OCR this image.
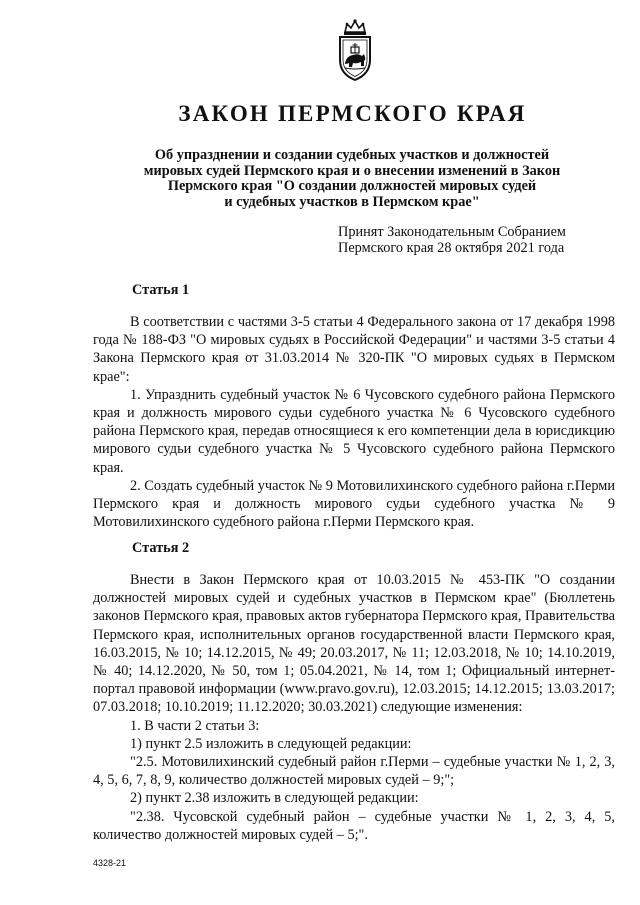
ЗАКОН ПЕРМСКОГО КРАЯ
Об упразднении и создании судебных участков и должностей
мировых судей Пермского края и о внесении изменений в Закон
Пермского края "О создании должностей мировых судей
и судебных участков в Пермском крае"
Принят Законодательным Собранием
Пермского края 28 октября 2021 года
Статья 1

В соответствии с частями 3-5 статьи 4 Федерального закона от 17 декабря 1998 года № 188-ФЗ "О мировых судьях в Российской Федерации" и частями 3-5 статьи 4 Закона Пермского края от 31.03.2014 № 320-ПК "О мировых судьях в Пермском крае":

1. Упразднить судебный участок № 6 Чусовского судебного района Пермского края и должность мирового судьи судебного участка № 6 Чусовского судебного района Пермского края, передав относящиеся к его компетенции дела в юрисдикцию мирового судьи судебного участка № 5 Чусовского судебного района Пермского края.

2. Создать судебный участок № 9 Мотовилихинского судебного района г.Перми Пермского края и должность мирового судьи судебного участка № 9 Мотовилихинского судебного района г.Перми Пермского края.

Статья 2

Внести в Закон Пермского края от 10.03.2015 № 453-ПК "О создании должностей мировых судей и судебных участков в Пермском крае" (Бюллетень законов Пермского края, правовых актов губернатора Пермского края, Правительства Пермского края, исполнительных органов государственной власти Пермского края, 16.03.2015, № 10; 14.12.2015, № 49; 20.03.2017, № 11; 12.03.2018, № 10; 14.10.2019, № 40; 14.12.2020, № 50, том 1; 05.04.2021, № 14, том 1; Официальный интернет-портал правовой информации (www.pravo.gov.ru), 12.03.2015; 14.12.2015; 13.03.2017; 07.03.2018; 10.10.2019; 11.12.2020; 30.03.2021) следующие изменения:

1. В части 2 статьи 3:

1) пункт 2.5 изложить в следующей редакции:

"2.5. Мотовилихинский судебный район г.Перми – судебные участки № 1, 2, 3, 4, 5, 6, 7, 8, 9, количество должностей мировых судей – 9;";

2) пункт 2.38 изложить в следующей редакции:

"2.38. Чусовской судебный район – судебные участки № 1, 2, 3, 4, 5, количество должностей мировых судей – 5;".

4328-21
